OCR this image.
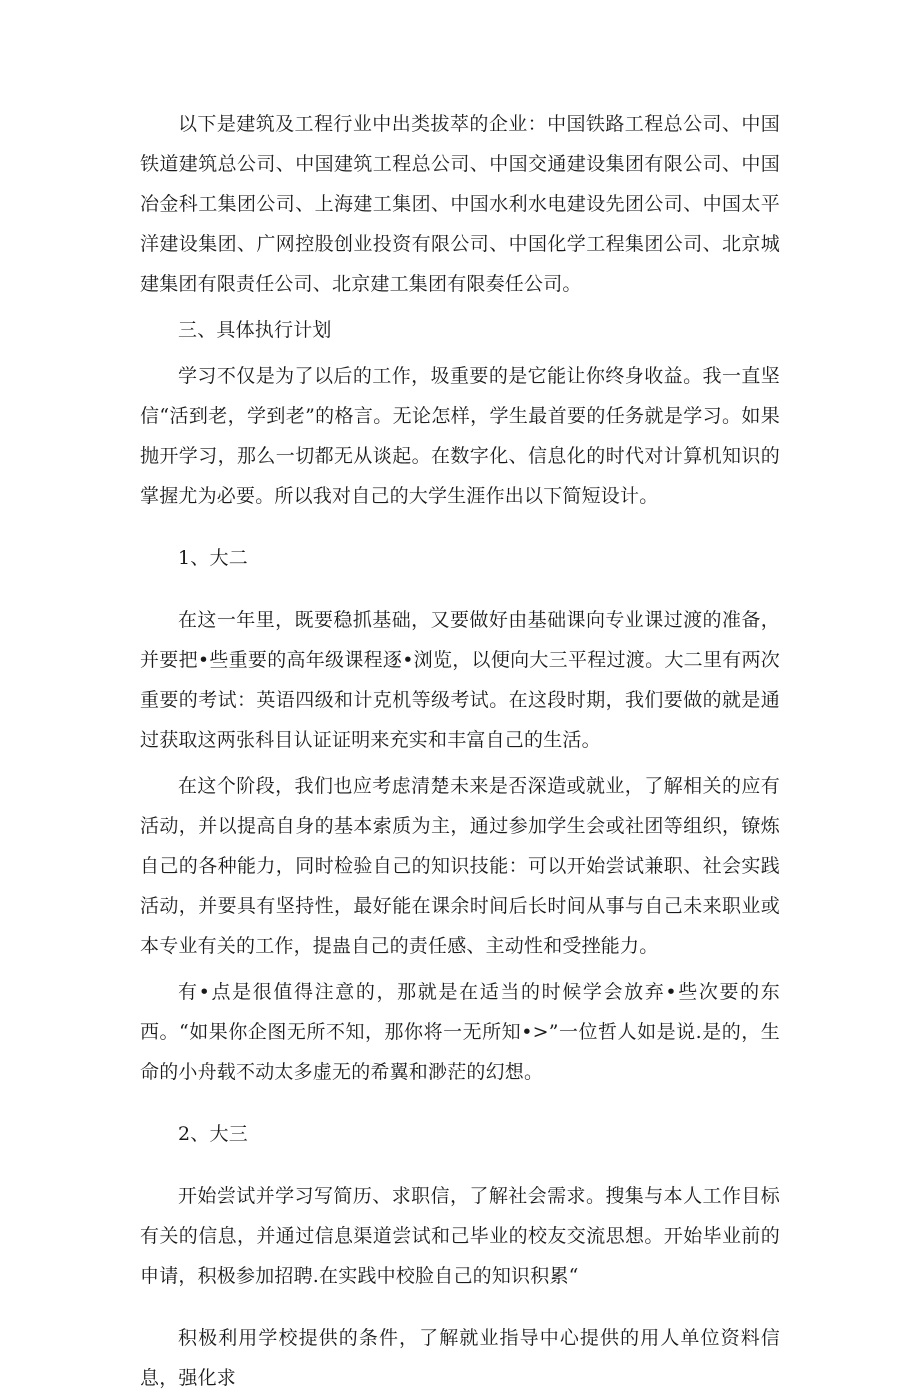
以下是建筑及工程行业中出类拔萃的企业：中国铁路工程总公司、中国铁道建筑总公司、中国建筑工程总公司、中国交通建设集团有限公司、中国冶金科工集团公司、上海建工集团、中国水利水电建设先团公司、中国太平洋建设集团、广网控股创业投资有限公司、中国化学工程集团公司、北京城建集团有限责任公司、北京建工集团有限奏任公司。

三、具体执行计划

学习不仅是为了以后的工作，圾重要的是它能让你终身收益。我一直坚信“活到老，学到老”的格言。无论怎样，学生最首要的任务就是学习。如果抛开学习，那么一切都无从谈起。在数字化、信息化的时代对计算机知识的掌握尤为必要。所以我对自己的大学生涯作出以下简短设计。

1、大二

在这一年里，既要稳抓基础，又要做好由基础课向专业课过渡的准备，并要把•些重要的高年级课程逐•浏览，以便向大三平程过渡。大二里有两次重要的考试：英语四级和计克机等级考试。在这段时期，我们要做的就是通过获取这两张科目认证证明来充实和丰富自己的生活。

在这个阶段，我们也应考虑清楚未来是否深造或就业，了解相关的应有活动，并以提高自身的基本索质为主，通过参加学生会或社团等组织，镣炼自己的各种能力，同时检验自己的知识技能：可以开始尝试兼职、社会实践活动，并要具有坚持性，最好能在课余时间后长时间从事与自己未来职业或本专业有关的工作，提蛊自己的责任感、主动性和受挫能力。

有•点是很值得注意的，那就是在适当的时候学会放弃•些次要的东西。“如果你企图无所不知，那你将一无所知•>”一位哲人如是说.是的，生命的小舟载不动太多虚无的希翼和渺茫的幻想。

2、大三

开始尝试并学习写简历、求职信，了解社会需求。搜集与本人工作目标有关的信息，并通过信息渠道尝试和己毕业的校友交流思想。开始毕业前的申请，积极参加招聘.在实践中校脸自己的知识积累“

积极利用学校提供的条件，了解就业指导中心提供的用人单位资料信息，强化求
